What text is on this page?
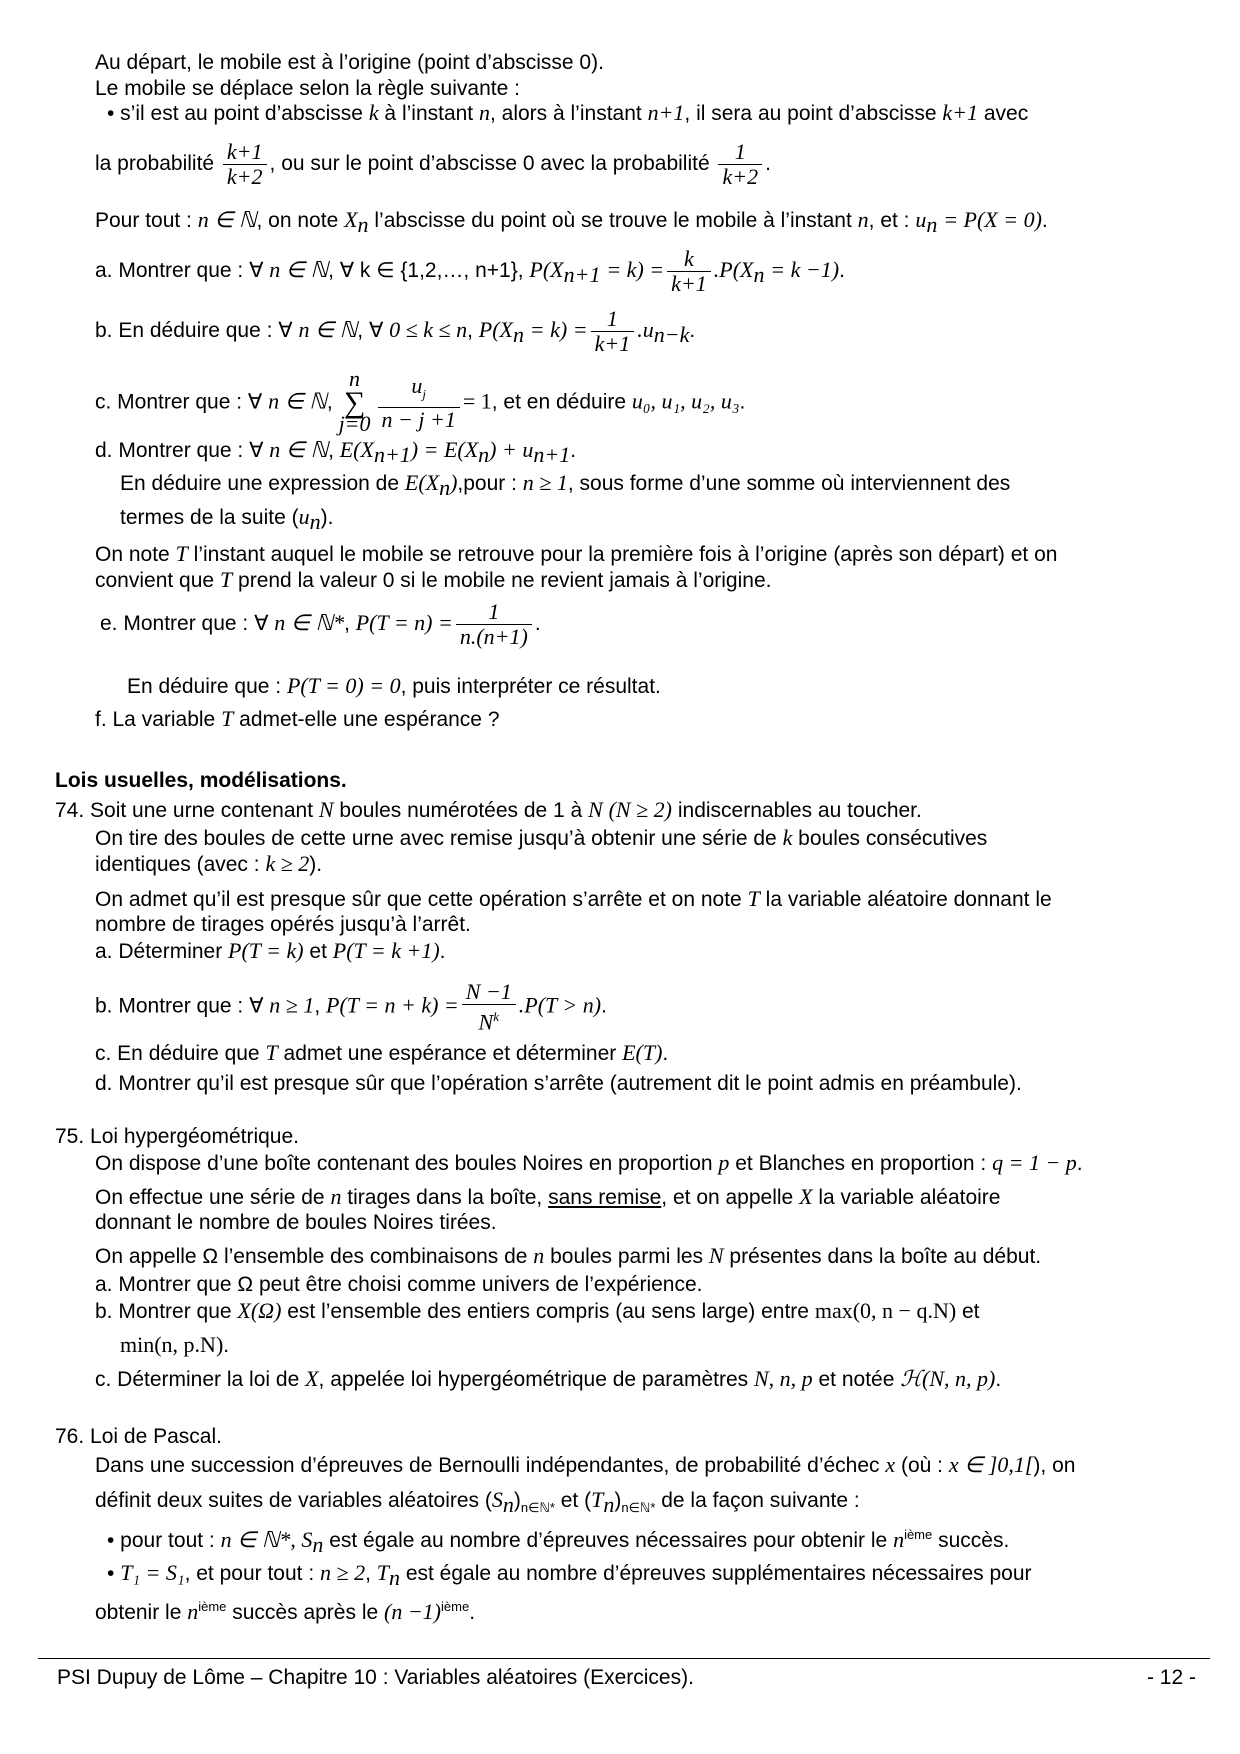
Au départ, le mobile est à l’origine (point d’abscisse 0).
Le mobile se déplace selon la règle suivante :
• s’il est au point d’abscisse k à l’instant n, alors à l’instant n+1, il sera au point d’abscisse k+1 avec
la probabilité $\frac{k+1}{k+2}$ , ou sur le point d’abscisse 0 avec la probabilité $\frac{1}{k+2}$ .
Pour tout : n ∈ ℕ, on note $X_n$ l’abscisse du point où se trouve le mobile à l’instant n, et : $u_n = P(X = 0)$.
a. Montrer que : ∀ n ∈ ℕ, ∀ k ∈ {1,2,…, n+1}, $P(X_{n+1} = k) = \frac{k}{k+1} .P(X_n = k -1)$.
b. En déduire que : ∀ n ∈ ℕ, ∀ 0 ≤ k ≤ n, $P(X_n = k) = \frac{1}{k+1} .u_{n-k}$.
c. Montrer que : ∀ n ∈ ℕ, n
∑
$j=0 \frac{u_j}{n - j +1} = 1$, et en déduire u₀, u₁, u₂, u₃.
d. Montrer que : ∀ n ∈ ℕ, $E(X_{n+1}) = E(X_n) + u_{n+1}$.
En déduire une expression de $E(X_n),pour$ : n ≥ 1, sous forme d’une somme où interviennent des
termes de la suite $(u_n)$.
On note T l’instant auquel le mobile se retrouve pour la première fois à l’origine (après son départ) et on
convient que T prend la valeur 0 si le mobile ne revient jamais à l’origine.
e. Montrer que : ∀ n ∈ ℕ*, $P(T = n) = \frac{1}{n.(n+1)}$ .
En déduire que : P(T = 0) = 0, puis interpréter ce résultat.
f. La variable T admet-elle une espérance ?
Lois usuelles, modélisations.
74. Soit une urne contenant N boules numérotées de 1 à N (N ≥ 2) indiscernables au toucher.
On tire des boules de cette urne avec remise jusqu’à obtenir une série de k boules consécutives
identiques (avec : k ≥ 2).
On admet qu’il est presque sûr que cette opération s’arrête et on note T la variable aléatoire donnant le
nombre de tirages opérés jusqu’à l’arrêt.
a. Déterminer P(T = k) et P(T = k +1).
b. Montrer que : ∀ n ≥ 1, $P(T = n + k) = \frac{N -1}{N^k} .P(T > n)$.
c. En déduire que T admet une espérance et déterminer E(T).
d. Montrer qu’il est presque sûr que l’opération s’arrête (autrement dit le point admis en préambule).
75. Loi hypergéométrique.
On dispose d’une boîte contenant des boules Noires en proportion p et Blanches en proportion : q = 1 − p.
On effectue une série de n tirages dans la boîte, sans remise, et on appelle X la variable aléatoire
donnant le nombre de boules Noires tirées.
On appelle Ω l’ensemble des combinaisons de n boules parmi les N présentes dans la boîte au début.
a. Montrer que Ω peut être choisi comme univers de l’expérience.
b. Montrer que X(Ω) est l’ensemble des entiers compris (au sens large) entre max(0, n − q.N) et
min(n, p.N).
c. Déterminer la loi de X, appelée loi hypergéométrique de paramètres N, n, p et notée ℋ(N, n, p).
76. Loi de Pascal.
Dans une succession d’épreuves de Bernoulli indépendantes, de probabilité d’échec x (où : x ∈ ]0,1[), on
définit deux suites de variables aléatoires $(S_n)_{n\in ℕ*}$ et $(T_n)_{n\in ℕ*}$ de la façon suivante :
• pour tout : n ∈ ℕ*, $S_n$ est égale au nombre d’épreuves nécessaires pour obtenir le $n^{ième}$ succès.
• T₁ = S₁, et pour tout : n ≥ 2, $T_n$ est égale au nombre d’épreuves supplémentaires nécessaires pour
obtenir le $n^{ième}$ succès après le $(n -1)^{ième}$.
PSI Dupuy de Lôme – Chapitre 10 : Variables aléatoires (Exercices).	- 12 -
